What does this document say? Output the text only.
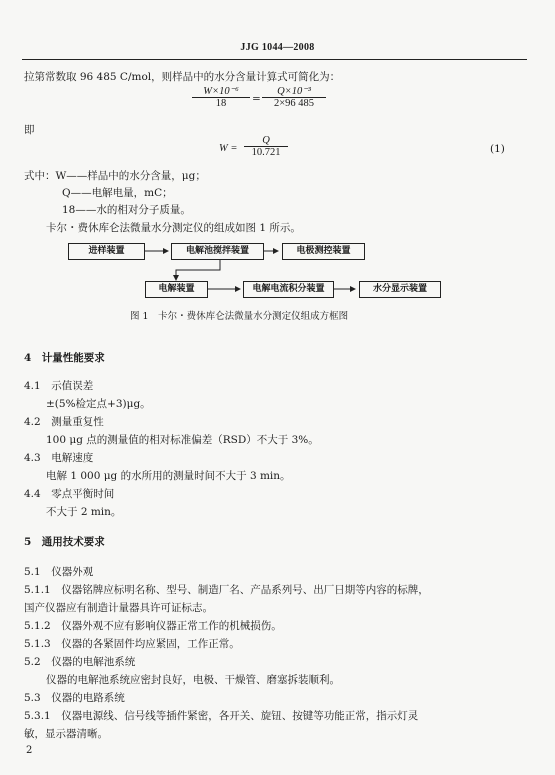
JJG 1044—2008
拉第常数取 96 485 C/mol，则样品中的水分含量计算式可简化为：
$\frac{\text{W×10⁻⁶}}{18} = \frac{\text{Q×10⁻³}}{2\times 96 485}$
即
$W = \frac{Q}{10.721}$	(1)
式中：W——样品中的水分含量，μg；
Q——电解电量，mC；
18——水的相对分子质量。
卡尔・费休库仑法微量水分测定仪的组成如图 1 所示。
进样装置	电解池搅拌装置	电极测控装置
电解装置	电解电流积分装置	水分显示装置
图 1　卡尔・费休库仑法微量水分测定仪组成方框图
4　计量性能要求
4.1　示值误差
±(5%检定点+3)μg。
4.2　测量重复性
100 μg 点的测量值的相对标准偏差（RSD）不大于 3%。
4.3　电解速度
电解 1 000 μg 的水所用的测量时间不大于 3 min。
4.4　零点平衡时间
不大于 2 min。
5　通用技术要求
5.1　仪器外观
5.1.1　仪器铭牌应标明名称、型号、制造厂名、产品系列号、出厂日期等内容的标牌，
国产仪器应有制造计量器具许可证标志。
5.1.2　仪器外观不应有影响仪器正常工作的机械损伤。
5.1.3　仪器的各紧固件均应紧固，工作正常。
5.2　仪器的电解池系统
仪器的电解池系统应密封良好，电极、干燥管、磨塞拆装顺利。
5.3　仪器的电路系统
5.3.1　仪器电源线、信号线等插件紧密，各开关、旋钮、按键等功能正常，指示灯灵
敏，显示器清晰。
2
